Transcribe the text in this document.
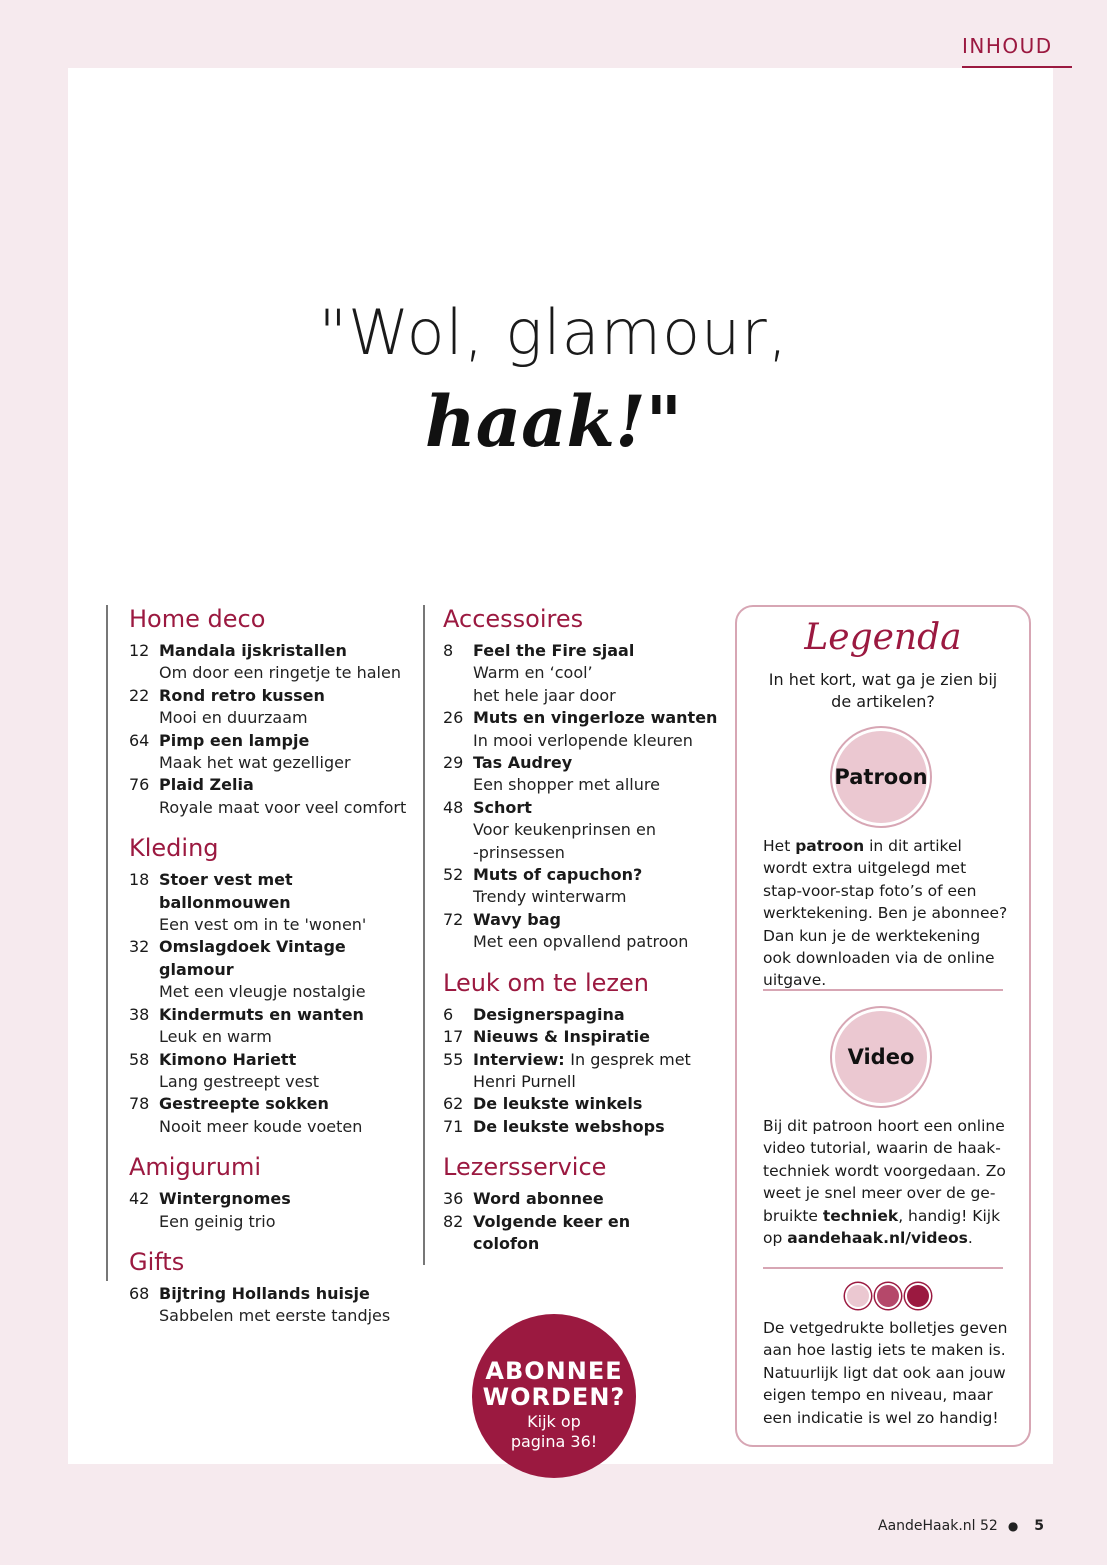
INHOUD
"Wol, glamour,
haak!"
Home deco
12 Mandala ijskristallen
Om door een ringetje te halen
22 Rond retro kussen
Mooi en duurzaam
64 Pimp een lampje
Maak het wat gezelliger
76 Plaid Zelia
Royale maat voor veel comfort
Kleding
18 Stoer vest met ballonmouwen
Een vest om in te 'wonen'
32 Omslagdoek Vintage glamour
Met een vleugje nostalgie
38 Kindermuts en wanten
Leuk en warm
58 Kimono Hariett
Lang gestreept vest
78 Gestreepte sokken
Nooit meer koude voeten
Amigurumi
42 Wintergnomes
Een geinig trio
Gifts
68 Bijtring Hollands huisje
Sabbelen met eerste tandjes
Accessoires
8	Feel the Fire sjaal
Warm en ‘cool’
het hele jaar door
26 Muts en vingerloze wanten
In mooi verlopende kleuren
29 Tas Audrey
Een shopper met allure
48 Schort
Voor keukenprinsen en
-prinsessen
52 Muts of capuchon?
Trendy winterwarm
72 Wavy bag
Met een opvallend patroon
Leuk om te lezen
6	Designerspagina
17 Nieuws & Inspiratie
55 Interview: In gesprek met
Henri Purnell
62 De leukste winkels
71 De leukste webshops
Lezersservice
36 Word abonnee
82 Volgende keer en
colofon
Legenda
In het kort, wat ga je zien bij de artikelen?
Patroon
Het patroon in dit artikel wordt extra uitgelegd met stap-voor-stap foto’s of een werktekening. Ben je abonnee? Dan kun je de werktekening ook downloaden via de online uitgave.
Video
Bij dit patroon hoort een online video tutorial, waarin de haak-techniek wordt voorgedaan. Zo weet je snel meer over de ge-bruikte techniek, handig! Kijk op aandehaak.nl/videos.
De vetgedrukte bolletjes geven aan hoe lastig iets te maken is. Natuurlijk ligt dat ook aan jouw eigen tempo en niveau, maar een indicatie is wel zo handig!
ABONNEE
WORDEN?
Kijk op
pagina 36!
AandeHaak.nl 52 ● 5
